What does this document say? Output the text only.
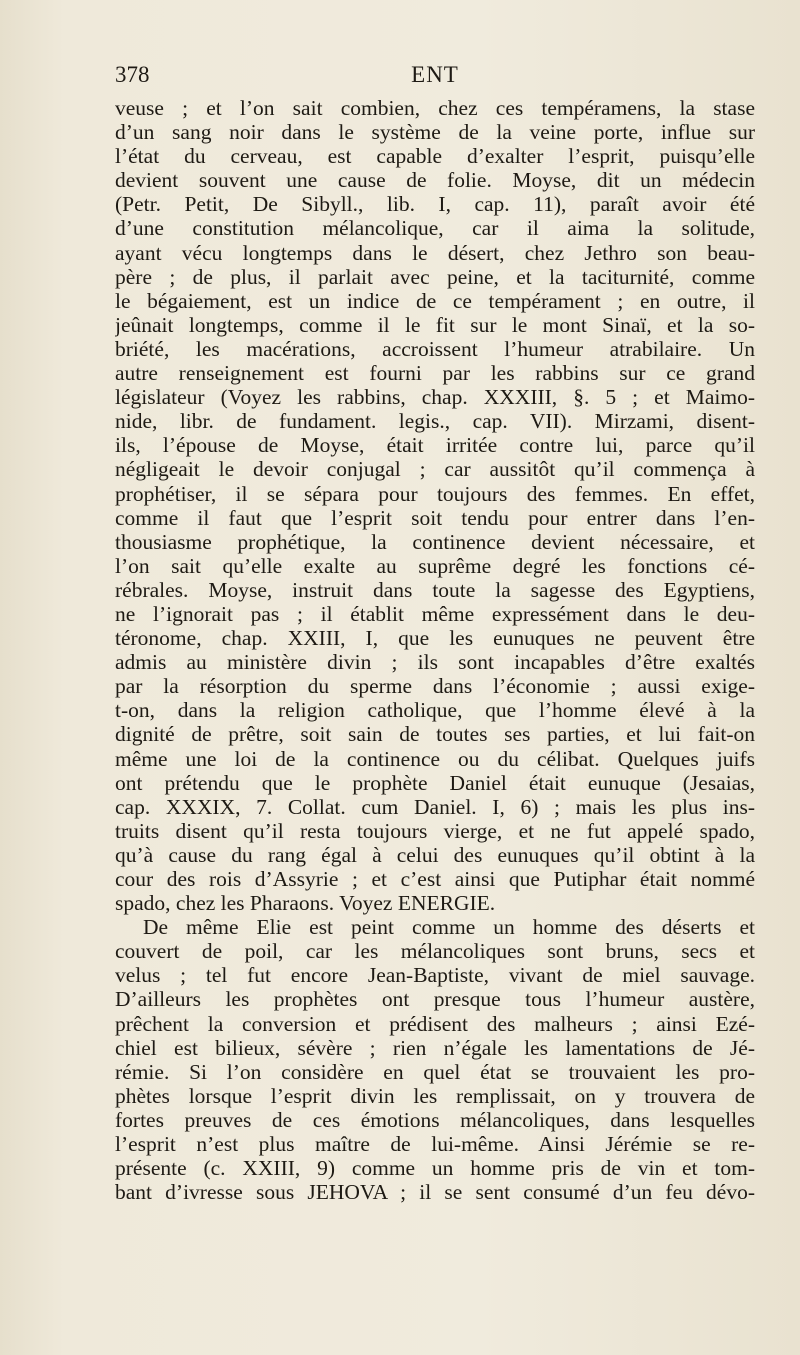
378	ENT
veuse ; et l’on sait combien, chez ces tempéramens, la stase
d’un sang noir dans le système de la veine porte, influe sur
l’état du cerveau, est capable d’exalter l’esprit, puisqu’elle
devient souvent une cause de folie. Moyse, dit un médecin
(Petr. Petit, De Sibyll., lib. I, cap. 11), paraît avoir été
d’une constitution mélancolique, car il aima la solitude,
ayant vécu longtemps dans le désert, chez Jethro son beau-
père ; de plus, il parlait avec peine, et la taciturnité, comme
le bégaiement, est un indice de ce tempérament ; en outre, il
jeûnait longtemps, comme il le fit sur le mont Sinaï, et la so-
briété, les macérations, accroissent l’humeur atrabilaire. Un
autre renseignement est fourni par les rabbins sur ce grand
législateur (Voyez les rabbins, chap. XXXIII, §. 5 ; et Maimo-
nide, libr. de fundament. legis., cap. VII). Mirzami, disent-
ils, l’épouse de Moyse, était irritée contre lui, parce qu’il
négligeait le devoir conjugal ; car aussitôt qu’il commença à
prophétiser, il se sépara pour toujours des femmes. En effet,
comme il faut que l’esprit soit tendu pour entrer dans l’en-
thousiasme prophétique, la continence devient nécessaire, et
l’on sait qu’elle exalte au suprême degré les fonctions cé-
rébrales. Moyse, instruit dans toute la sagesse des Egyptiens,
ne l’ignorait pas ; il établit même expressément dans le deu-
téronome, chap. XXIII, I, que les eunuques ne peuvent être
admis au ministère divin ; ils sont incapables d’être exaltés
par la résorption du sperme dans l’économie ; aussi exige-
t-on, dans la religion catholique, que l’homme élevé à la
dignité de prêtre, soit sain de toutes ses parties, et lui fait-on
même une loi de la continence ou du célibat. Quelques juifs
ont prétendu que le prophète Daniel était eunuque (Jesaias,
cap. XXXIX, 7. Collat. cum Daniel. I, 6) ; mais les plus ins-
truits disent qu’il resta toujours vierge, et ne fut appelé spado,
qu’à cause du rang égal à celui des eunuques qu’il obtint à la
cour des rois d’Assyrie ; et c’est ainsi que Putiphar était nommé
spado, chez les Pharaons. Voyez ENERGIE.
De même Elie est peint comme un homme des déserts et
couvert de poil, car les mélancoliques sont bruns, secs et
velus ; tel fut encore Jean-Baptiste, vivant de miel sauvage.
D’ailleurs les prophètes ont presque tous l’humeur austère,
prêchent la conversion et prédisent des malheurs ; ainsi Ezé-
chiel est bilieux, sévère ; rien n’égale les lamentations de Jé-
rémie. Si l’on considère en quel état se trouvaient les pro-
phètes lorsque l’esprit divin les remplissait, on y trouvera de
fortes preuves de ces émotions mélancoliques, dans lesquelles
l’esprit n’est plus maître de lui-même. Ainsi Jérémie se re-
présente (c. XXIII, 9) comme un homme pris de vin et tom-
bant d’ivresse sous JEHOVA ; il se sent consumé d’un feu dévo-
